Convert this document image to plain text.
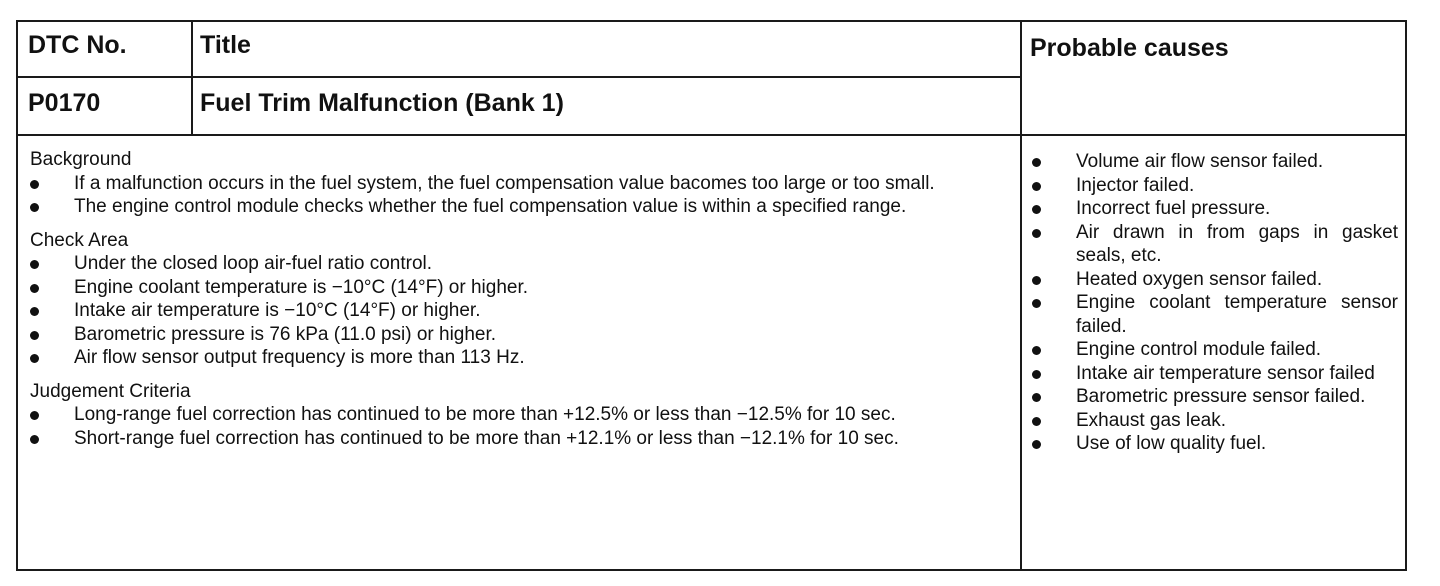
DTC No.	Title	Probable causes
P0170	Fuel Trim Malfunction (Bank 1)
Background
If a malfunction occurs in the fuel system, the fuel compensation value bacomes too large or too small.
The engine control module checks whether the fuel compensation value is within a specified range.
Check Area
Under the closed loop air-fuel ratio control.
Engine coolant temperature is −10°C (14°F) or higher.
Intake air temperature is −10°C (14°F) or higher.
Barometric pressure is 76 kPa (11.0 psi) or higher.
Air flow sensor output frequency is more than 113 Hz.
Judgement Criteria
Long-range fuel correction has continued to be more than +12.5% or less than −12.5% for 10 sec.
Short-range fuel correction has continued to be more than +12.1% or less than −12.1% for 10 sec.
Volume air flow sensor failed.
Injector failed.
Incorrect fuel pressure.
Air drawn in from gaps in gasket seals, etc.
Heated oxygen sensor failed.
Engine coolant temperature sensor failed.
Engine control module failed.
Intake air temperature sensor failed
Barometric pressure sensor failed.
Exhaust gas leak.
Use of low quality fuel.
